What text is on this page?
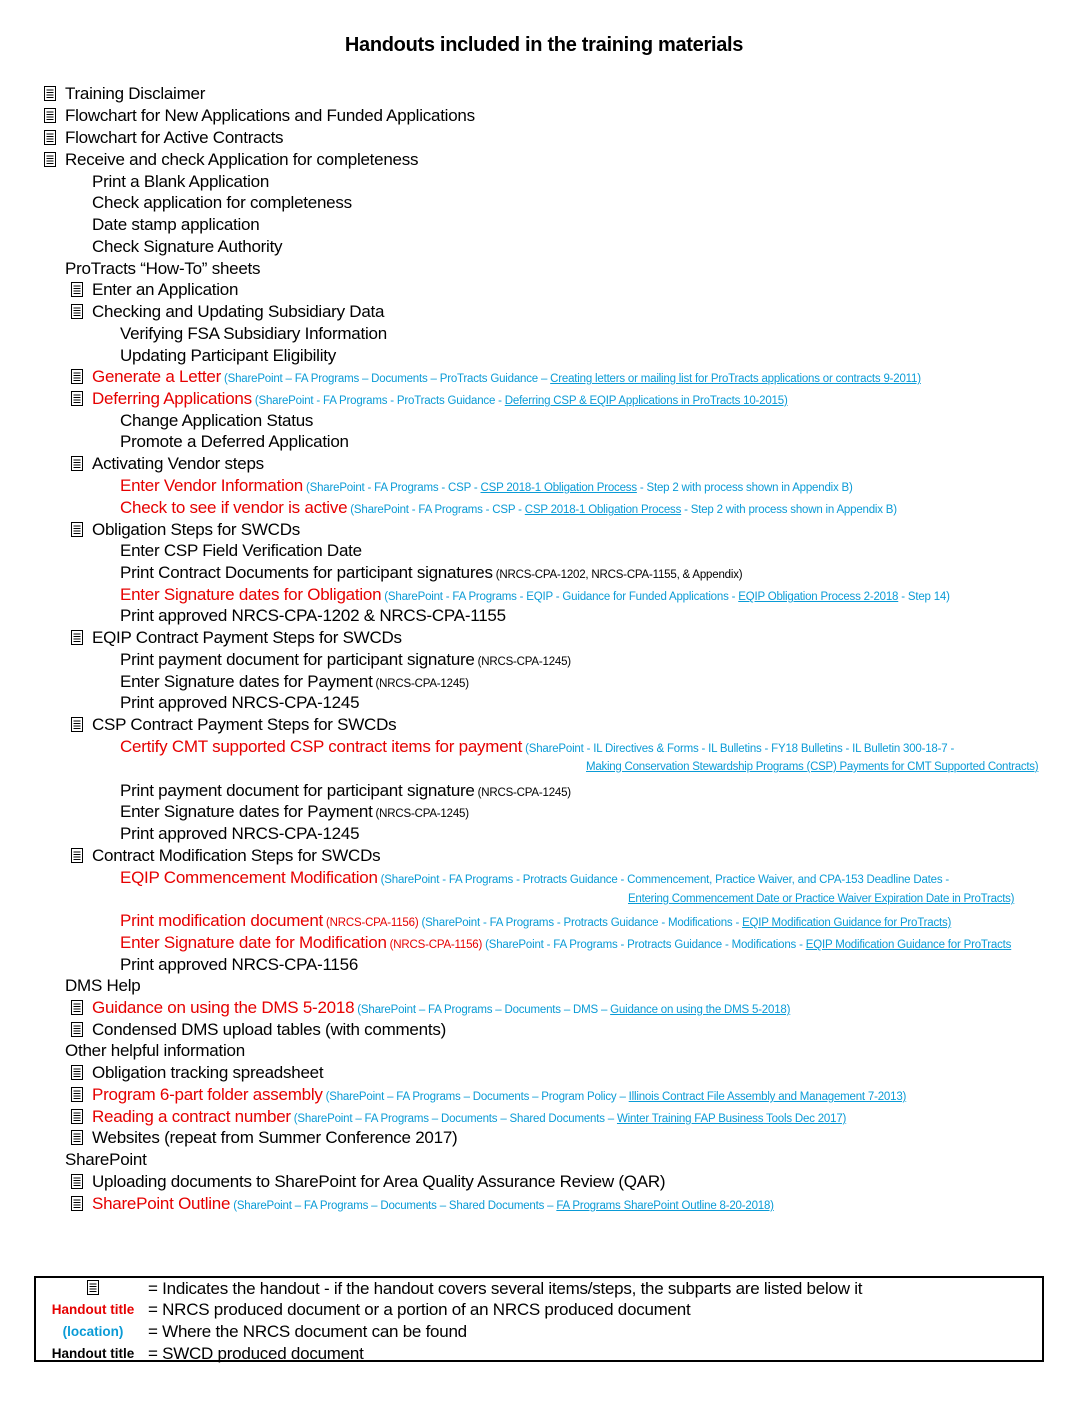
Handouts included in the training materials
Training Disclaimer
Flowchart for New Applications and Funded Applications
Flowchart for Active Contracts
Receive and check Application for completeness
Print a Blank Application
Check application for completeness
Date stamp application
Check Signature Authority
ProTracts “How-To” sheets
Enter an Application
Checking and Updating Subsidiary Data
Verifying FSA Subsidiary Information
Updating Participant Eligibility
Generate a Letter (SharePoint – FA Programs – Documents – ProTracts Guidance – Creating letters or mailing list for ProTracts applications or contracts 9-2011)
Deferring Applications (SharePoint - FA Programs - ProTracts Guidance - Deferring CSP & EQIP Applications in ProTracts 10-2015)
Change Application Status
Promote a Deferred Application
Activating Vendor steps
Enter Vendor Information (SharePoint - FA Programs - CSP - CSP 2018-1 Obligation Process - Step 2 with process shown in Appendix B)
Check to see if vendor is active (SharePoint - FA Programs - CSP - CSP 2018-1 Obligation Process - Step 2 with process shown in Appendix B)
Obligation Steps for SWCDs
Enter CSP Field Verification Date
Print Contract Documents for participant signatures (NRCS-CPA-1202, NRCS-CPA-1155, & Appendix)
Enter Signature dates for Obligation (SharePoint - FA Programs - EQIP - Guidance for Funded Applications - EQIP Obligation Process 2-2018 - Step 14)
Print approved NRCS-CPA-1202 & NRCS-CPA-1155
EQIP Contract Payment Steps for SWCDs
Print payment document for participant signature (NRCS-CPA-1245)
Enter Signature dates for Payment (NRCS-CPA-1245)
Print approved NRCS-CPA-1245
CSP Contract Payment Steps for SWCDs
Certify CMT supported CSP contract items for payment (SharePoint - IL Directives & Forms - IL Bulletins - FY18 Bulletins - IL Bulletin 300-18-7 -
Making Conservation Stewardship Programs (CSP) Payments for CMT Supported Contracts)
Print payment document for participant signature (NRCS-CPA-1245)
Enter Signature dates for Payment (NRCS-CPA-1245)
Print approved NRCS-CPA-1245
Contract Modification Steps for SWCDs
EQIP Commencement Modification (SharePoint - FA Programs - Protracts Guidance - Commencement, Practice Waiver, and CPA-153 Deadline Dates -
Entering Commencement Date or Practice Waiver Expiration Date in ProTracts)
Print modification document (NRCS-CPA-1156) (SharePoint - FA Programs - Protracts Guidance - Modifications - EQIP Modification Guidance for ProTracts)
Enter Signature date for Modification (NRCS-CPA-1156) (SharePoint - FA Programs - Protracts Guidance - Modifications - EQIP Modification Guidance for ProTracts
Print approved NRCS-CPA-1156
DMS Help
Guidance on using the DMS 5-2018 (SharePoint – FA Programs – Documents – DMS – Guidance on using the DMS 5-2018)
Condensed DMS upload tables (with comments)
Other helpful information
Obligation tracking spreadsheet
Program 6-part folder assembly (SharePoint – FA Programs – Documents – Program Policy – Illinois Contract File Assembly and Management 7-2013)
Reading a contract number (SharePoint – FA Programs – Documents – Shared Documents – Winter Training FAP Business Tools Dec 2017)
Websites (repeat from Summer Conference 2017)
SharePoint
Uploading documents to SharePoint for Area Quality Assurance Review (QAR)
SharePoint Outline (SharePoint – FA Programs – Documents – Shared Documents – FA Programs SharePoint Outline 8-20-2018)
= Indicates the handout - if the handout covers several items/steps, the subparts are listed below it
Handout title = NRCS produced document or a portion of an NRCS produced document
(location)	= Where the NRCS document can be found
Handout title = SWCD produced document
